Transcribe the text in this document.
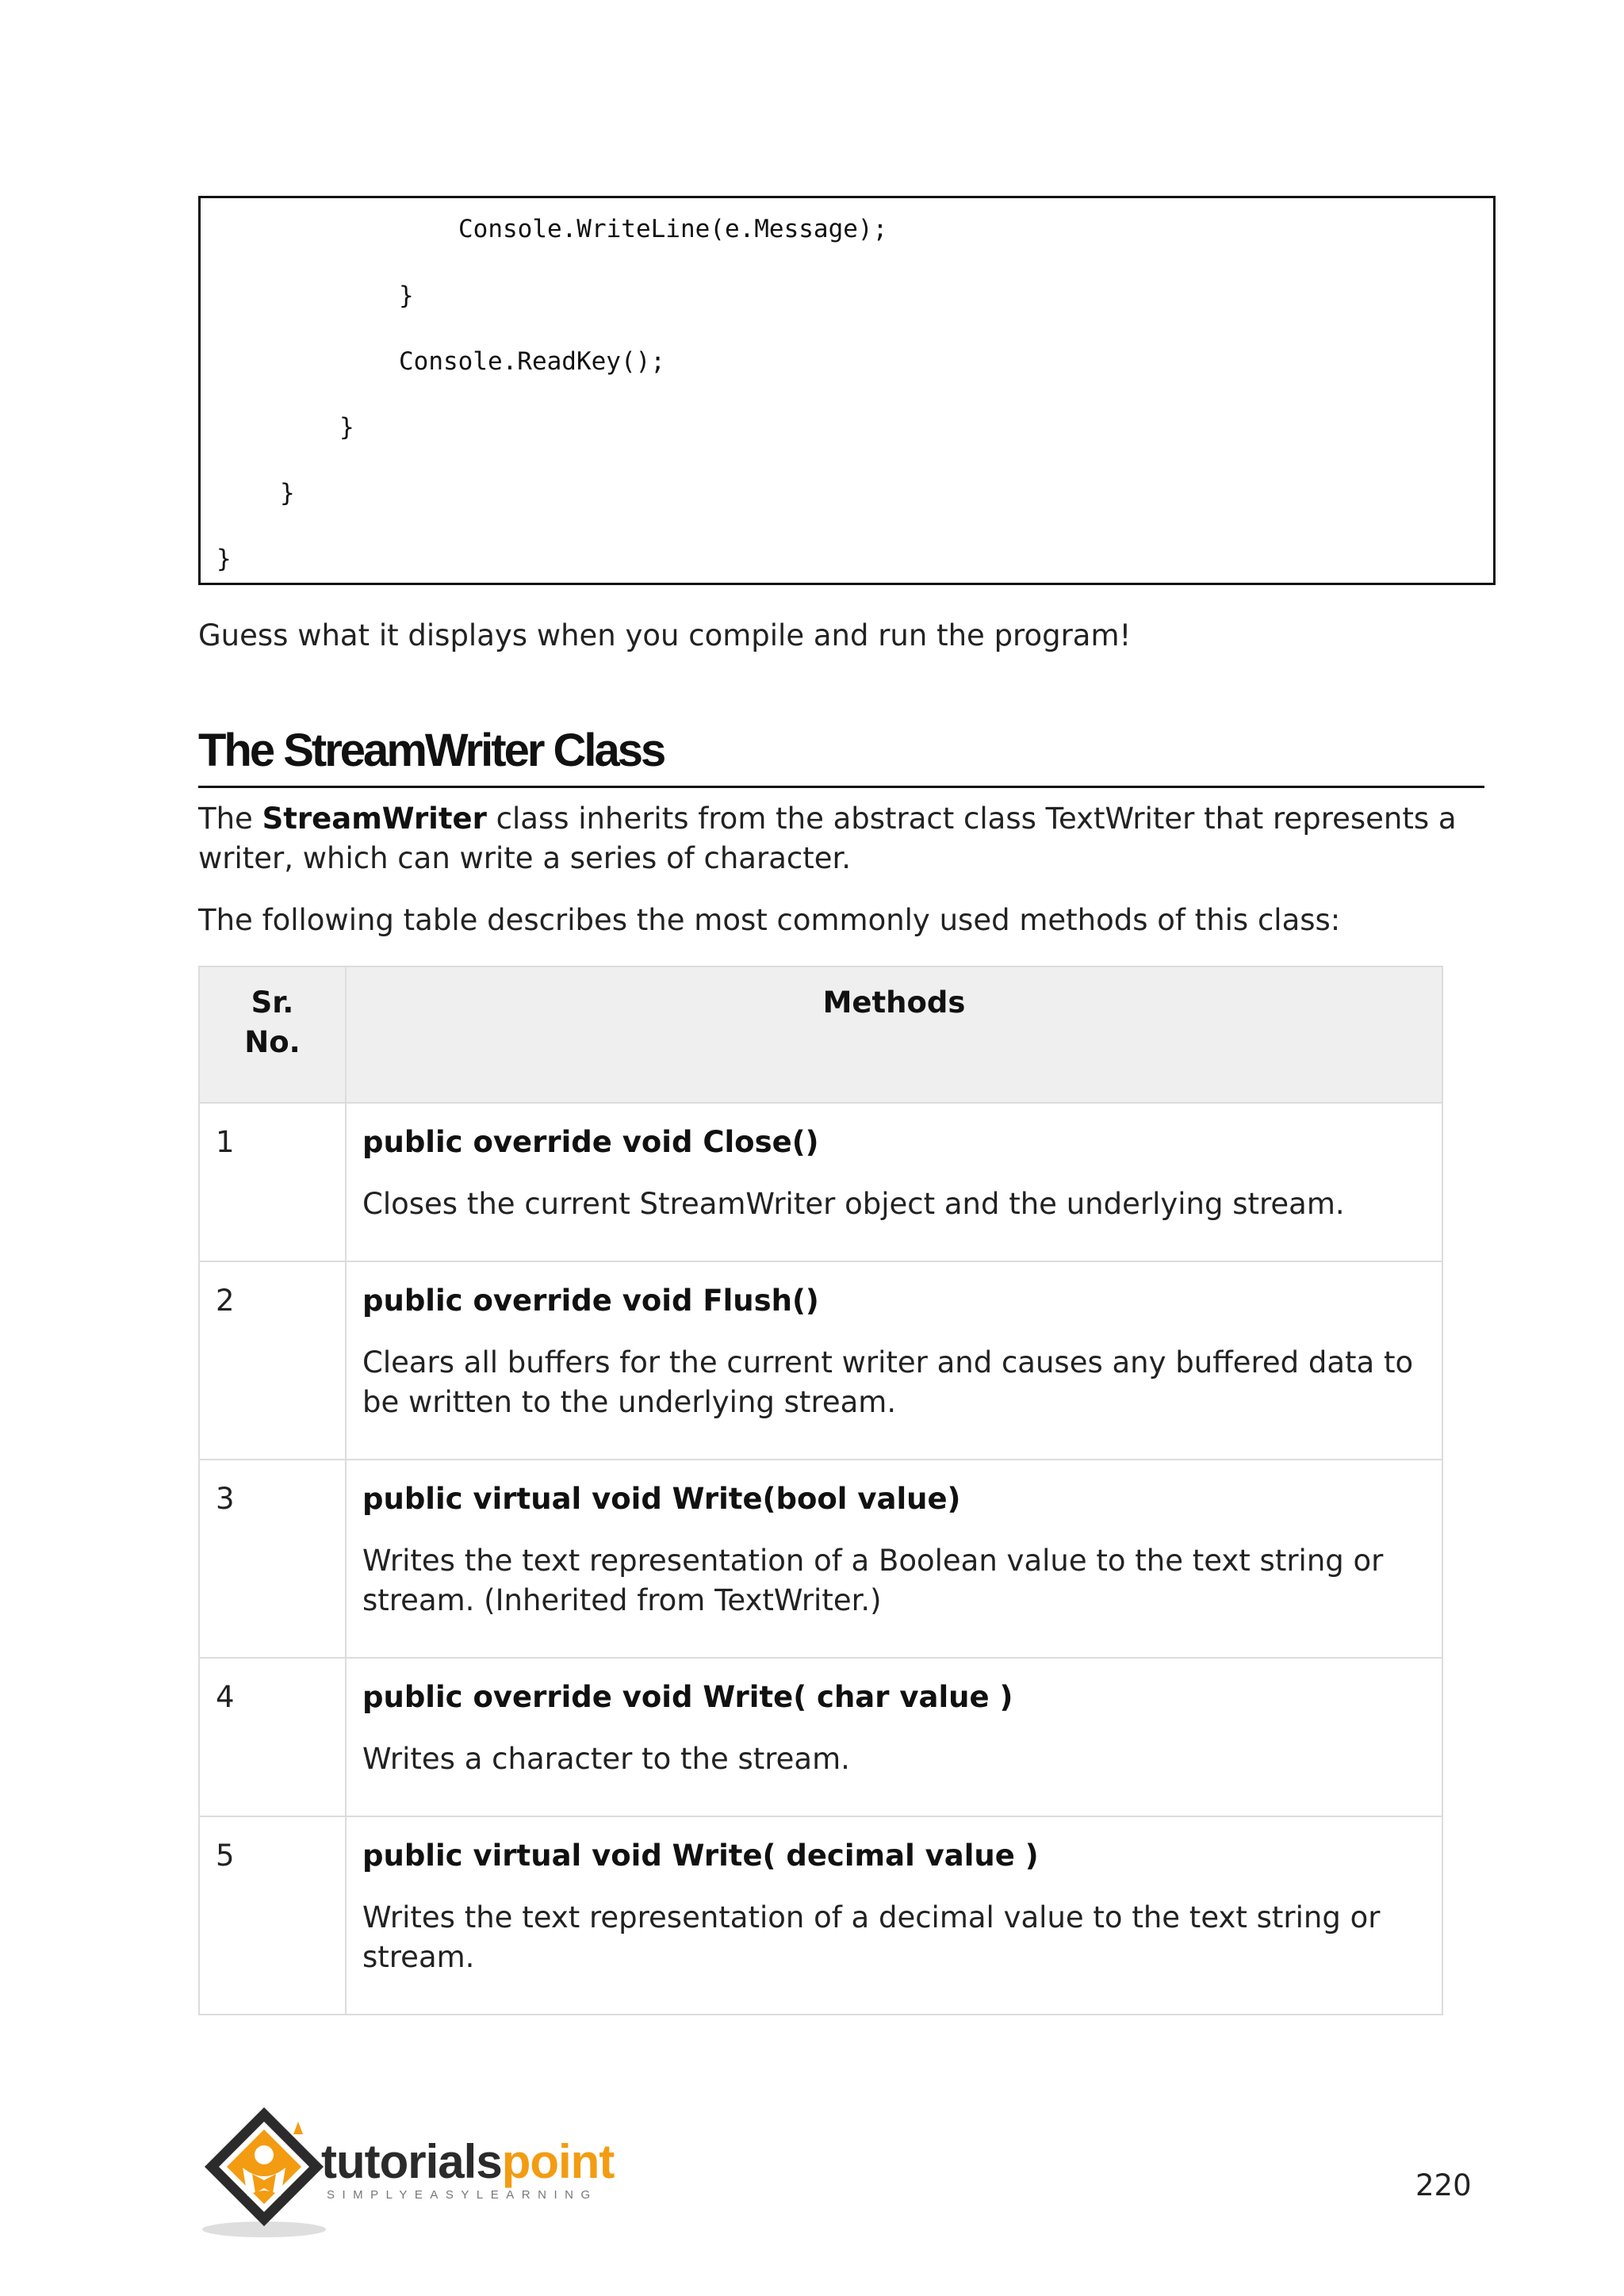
Console.WriteLine(e.Message);
}
Console.ReadKey();
}
}
}

Guess what it displays when you compile and run the program!

The StreamWriter Class

The StreamWriter class inherits from the abstract class TextWriter that represents a writer, which can write a series of character.

The following table describes the most commonly used methods of this class:

Sr. No.	Methods
1	public override void Close()

Closes the current StreamWriter object and the underlying stream.

2	public override void Flush()

Clears all buffers for the current writer and causes any buffered data to be written to the underlying stream.

3	public virtual void Write(bool value)

Writes the text representation of a Boolean value to the text string or stream. (Inherited from TextWriter.)

4	public override void Write( char value )

Writes a character to the stream.

5	public virtual void Write( decimal value )

Writes the text representation of a decimal value to the text string or stream.

tutorialspoint
SIMPLYEASYLEARNING	220
